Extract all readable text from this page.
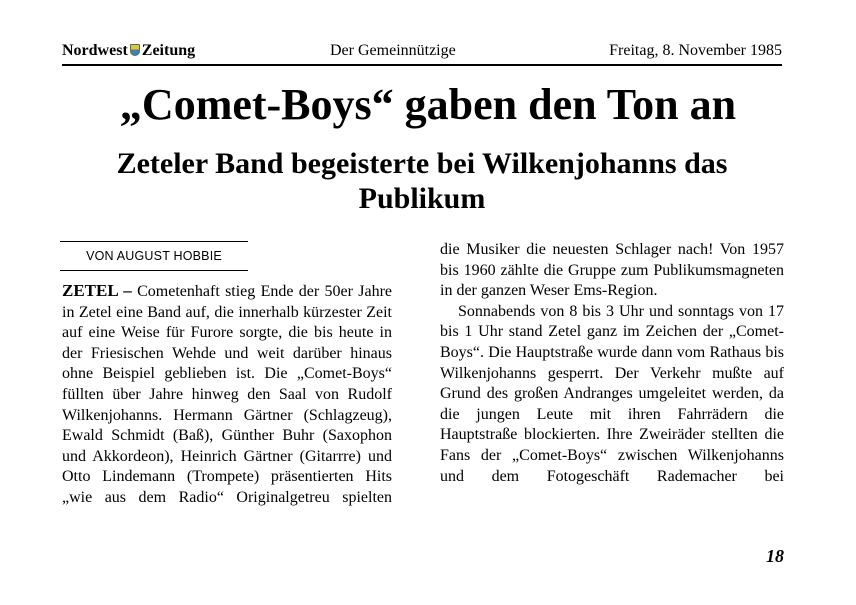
Nordwest Zeitung	Der Gemeinnützige	Freitag, 8. November 1985
„Comet-Boys“ gaben den Ton an
Zeteler Band begeisterte bei Wilkenjohanns das Publikum
VON AUGUST HOBBIE

ZETEL – Cometenhaft stieg Ende der 50er Jahre in Zetel eine Band auf, die innerhalb kürzester Zeit auf eine Weise für Furore sorgte, die bis heute in der Friesischen Wehde und weit darüber hinaus ohne Beispiel geblieben ist. Die „Comet-Boys“ füllten über Jahre hinweg den Saal von Rudolf Wilkenjohanns. Hermann Gärtner (Schlagzeug), Ewald Schmidt (Baß), Günther Buhr (Saxophon und Akkordeon), Heinrich Gärtner (Gitarrre) und Otto Lindemann (Trompete) präsentierten Hits „wie aus dem Radio“ Originalgetreu spielten

die Musiker die neuesten Schlager nach! Von 1957 bis 1960 zählte die Gruppe zum Publikumsmagneten in der ganzen Weser Ems-Region.

Sonnabends von 8 bis 3 Uhr und sonntags von 17 bis 1 Uhr stand Zetel ganz im Zeichen der „Comet-Boys“. Die Hauptstraße wurde dann vom Rathaus bis Wilkenjohanns gesperrt. Der Verkehr mußte auf Grund des großen Andranges umgeleitet werden, da die jungen Leute mit ihren Fahrrädern die Hauptstraße blockierten. Ihre Zweiräder stellten die Fans der „Comet-Boys“ zwischen Wilkenjohanns und dem Fotogeschäft Rademacher bei

18
